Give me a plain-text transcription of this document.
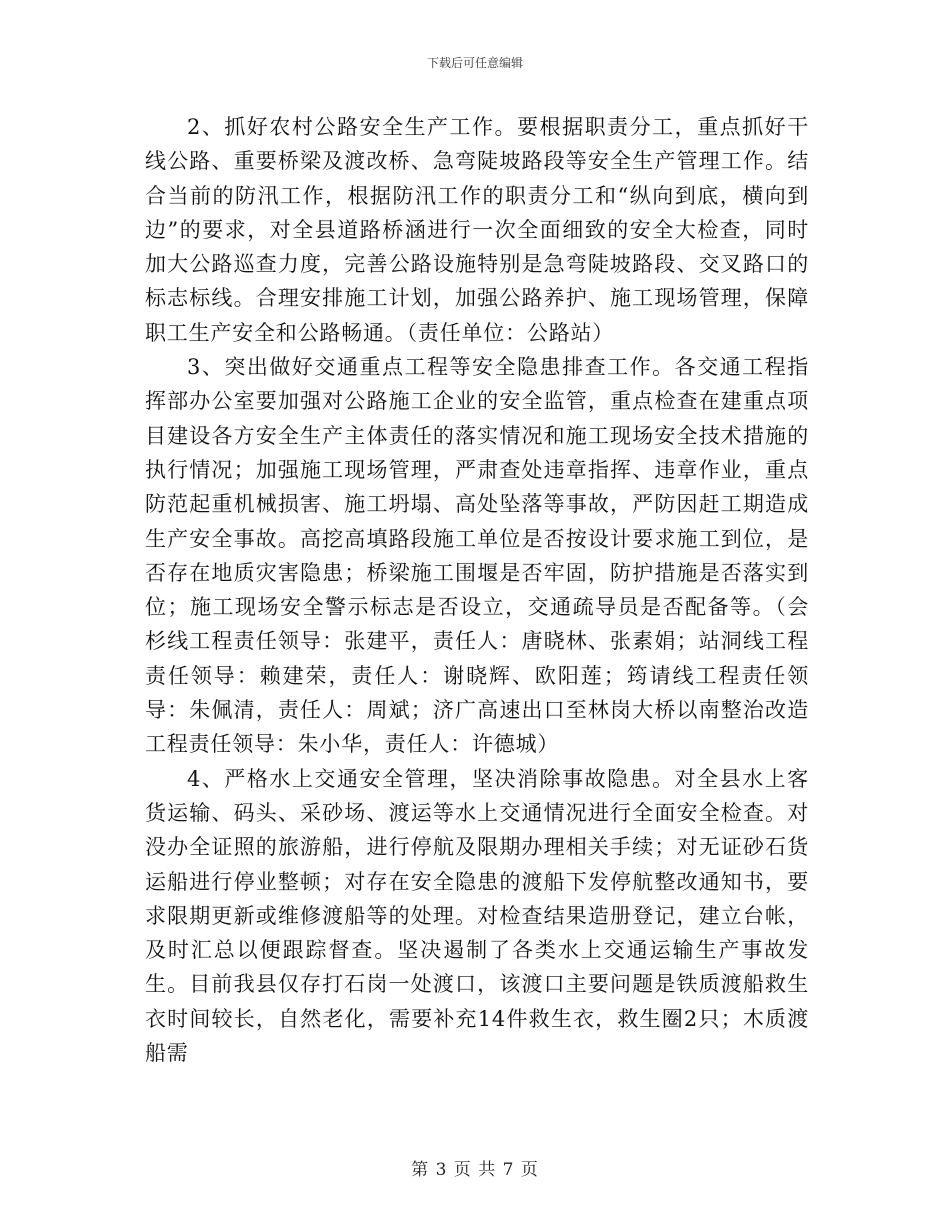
下载后可任意编辑

2、抓好农村公路安全生产工作。要根据职责分工，重点抓好干线公路、重要桥梁及渡改桥、急弯陡坡路段等安全生产管理工作。结合当前的防汛工作，根据防汛工作的职责分工和“纵向到底，横向到边”的要求，对全县道路桥涵进行一次全面细致的安全大检查，同时加大公路巡查力度，完善公路设施特别是急弯陡坡路段、交叉路口的标志标线。合理安排施工计划，加强公路养护、施工现场管理，保障职工生产安全和公路畅通。（责任单位：公路站）

3、突出做好交通重点工程等安全隐患排查工作。各交通工程指挥部办公室要加强对公路施工企业的安全监管，重点检查在建重点项目建设各方安全生产主体责任的落实情况和施工现场安全技术措施的执行情况；加强施工现场管理，严肃查处违章指挥、违章作业，重点防范起重机械损害、施工坍塌、高处坠落等事故，严防因赶工期造成生产安全事故。高挖高填路段施工单位是否按设计要求施工到位，是否存在地质灾害隐患；桥梁施工围堰是否牢固，防护措施是否落实到位；施工现场安全警示标志是否设立，交通疏导员是否配备等。（会杉线工程责任领导：张建平，责任人：唐晓林、张素娟；站洞线工程责任领导：赖建荣，责任人：谢晓辉、欧阳莲；筠请线工程责任领导：朱佩清，责任人：周斌；济广高速出口至林岗大桥以南整治改造工程责任领导：朱小华，责任人：许德城）

4、严格水上交通安全管理，坚决消除事故隐患。对全县水上客货运输、码头、采砂场、渡运等水上交通情况进行全面安全检查。对没办全证照的旅游船，进行停航及限期办理相关手续；对无证砂石货运船进行停业整顿；对存在安全隐患的渡船下发停航整改通知书，要求限期更新或维修渡船等的处理。对检查结果造册登记，建立台帐，及时汇总以便跟踪督查。坚决遏制了各类水上交通运输生产事故发生。目前我县仅存打石岗一处渡口，该渡口主要问题是铁质渡船救生衣时间较长，自然老化，需要补充14件救生衣，救生圈2只；木质渡船需

第 3 页 共 7 页
